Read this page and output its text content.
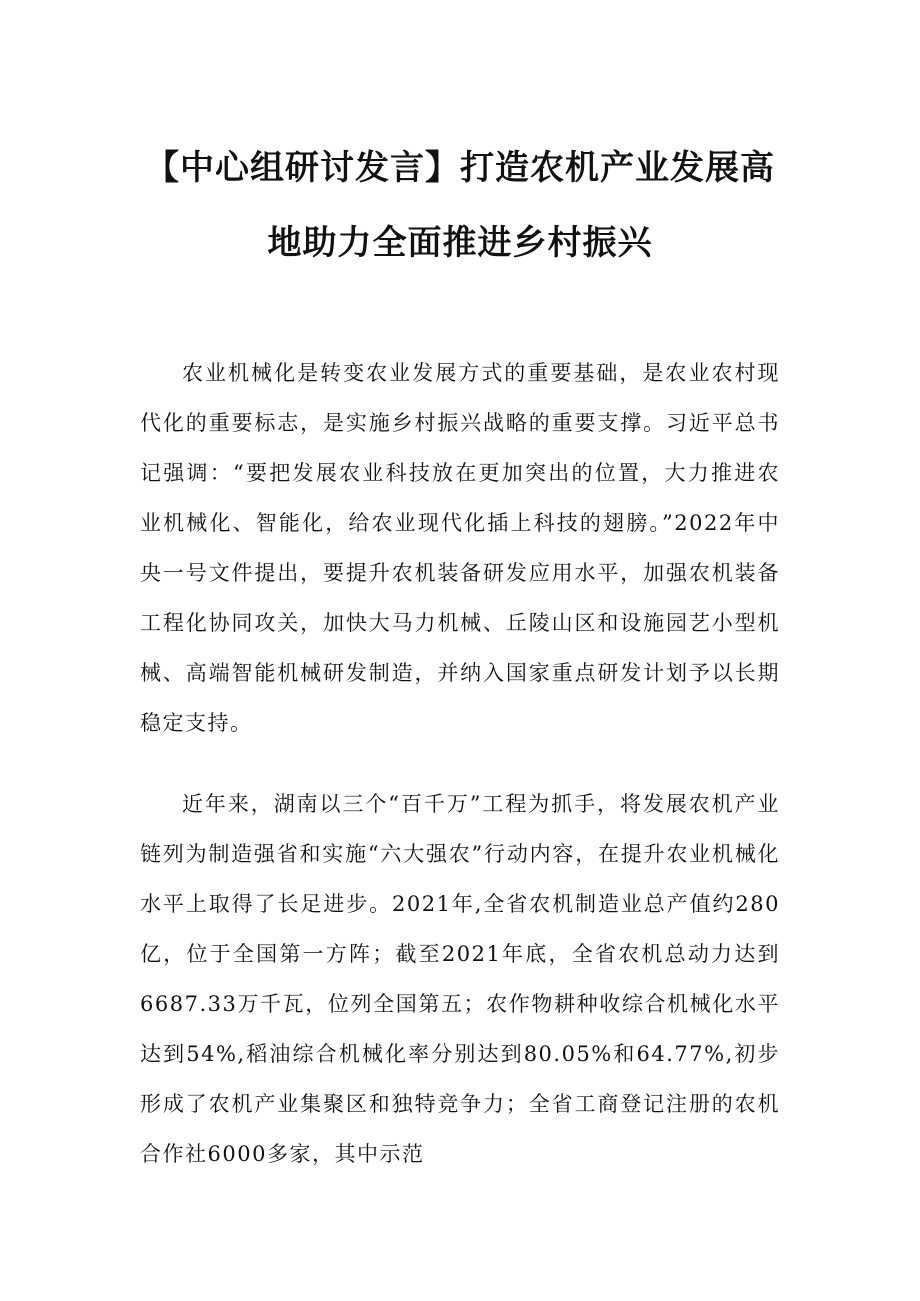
【中心组研讨发言】打造农机产业发展高
地助力全面推进乡村振兴

农业机械化是转变农业发展方式的重要基础，是农业农村现代化的重要标志，是实施乡村振兴战略的重要支撑。习近平总书记强调：“要把发展农业科技放在更加突出的位置，大力推进农业机械化、智能化，给农业现代化插上科技的翅膀。”2022年中央一号文件提出，要提升农机装备研发应用水平，加强农机装备工程化协同攻关，加快大马力机械、丘陵山区和设施园艺小型机械、高端智能机械研发制造，并纳入国家重点研发计划予以长期稳定支持。

近年来，湖南以三个“百千万”工程为抓手，将发展农机产业链列为制造强省和实施“六大强农”行动内容，在提升农业机械化水平上取得了长足进步。2021年,全省农机制造业总产值约280亿，位于全国第一方阵；截至2021年底，全省农机总动力达到6687.33万千瓦，位列全国第五；农作物耕种收综合机械化水平达到54%,稻油综合机械化率分别达到80.05%和64.77%,初步形成了农机产业集聚区和独特竞争力；全省工商登记注册的农机合作社6000多家，其中示范
